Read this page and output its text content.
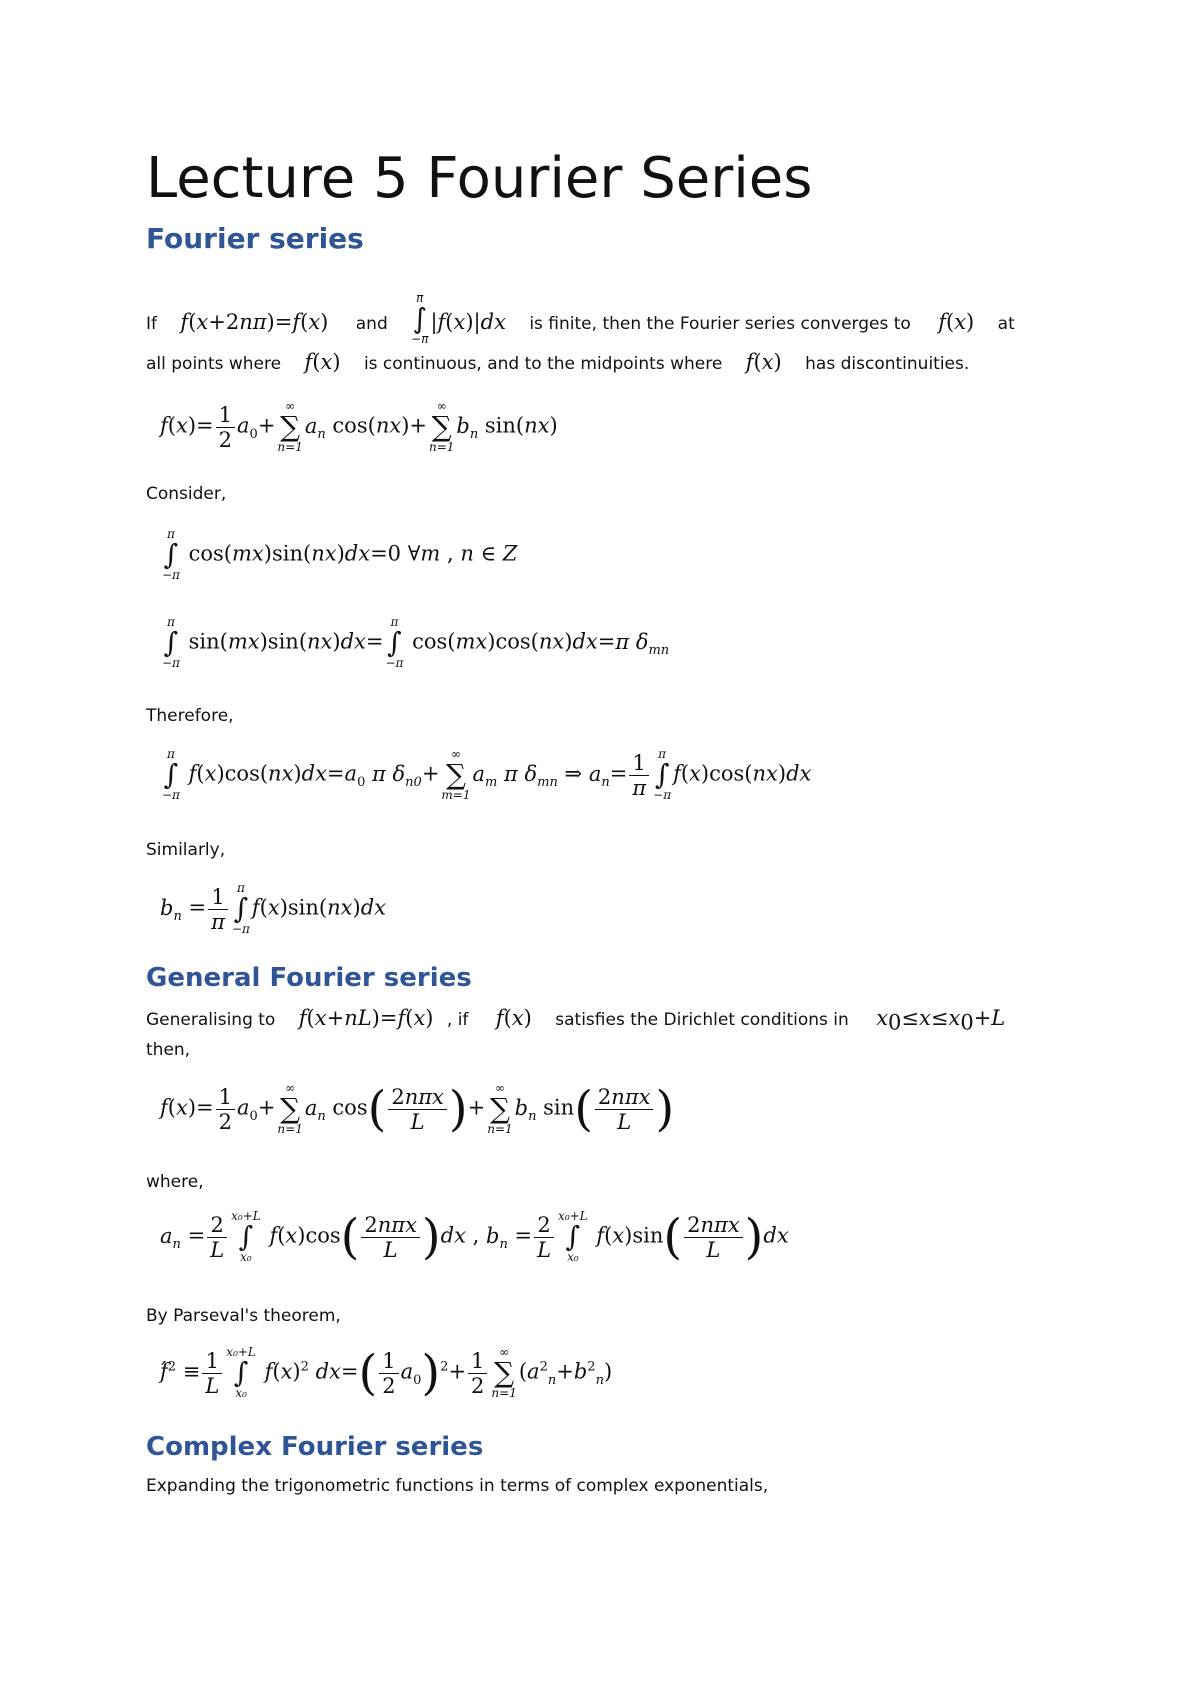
Lecture 5 Fourier Series
Fourier series
If f(x+2nπ)=f(x) and
π
∫
−π
|f(x)|dx is finite, then the Fourier series converges to f(x) at
all points where f(x) is continuous, and to the midpoints where f(x) has discontinuities.
$f(x)= \frac{1}{2} a_0+$
∞
∑
n=1
$a_n$ cos(nx)+
∞
∑
n=1
$b_n$ sin(nx)
Consider,
π
∫
−π
cos(mx)sin(nx)dx=0 ∀m , n ∈ Z
π
∫
−π
sin(mx)sin(nx)dx=
π
∫
−π
cos(mx)cos(nx)dx=π $\delta_{mn}$
Therefore,
π
∫
−π
$f(x)\cos(nx)dx=a_0$ π $\delta_{n0}+$
∞
∑
m=1
$a_m$ π $\delta_{mn}$ ⇒ $a_n= \frac{1}{\pi}$ π
∫
−π
f(x)cos(nx)dx
Similarly,
$b_n = \frac{1}{\pi}$ π
∫
−π
f(x)sin(nx)dx
General Fourier series
Generalising to f(x+nL)=f(x) , if f(x) satisfies the Dirichlet conditions in $x_0\le x\le x_0+L$
then,
$f(x)= \frac{1}{2} a_0+$
∞
∑
n=1
$a_n$ $\cos( \frac{\text{2nπx}}{L}$ )+
∞
∑
n=1
$b_n$ $\sin( \frac{\text{2nπx}}{L}$ )
where,
$a_n = \frac{2}{L} x_0+L$
∫
x₀
$f(x)\cos( \frac{\text{2nπx}}{L} )dx$ , $b_n = \frac{2}{L} x_0+L$
∫
x₀
$f(x)\sin( \frac{\text{2nπx}}{L} )dx$
By Parseval's theorem,
$f^2 \equiv \frac{1}{L} x_0+L$
∫
x₀
$f(x)^2$ $dx=( \frac{1}{2} a_0)^2+ \frac{1}{2}$ ∞
∑
n=1
$(a^2_n+b^2_n)$
Complex Fourier series
Expanding the trigonometric functions in terms of complex exponentials,
